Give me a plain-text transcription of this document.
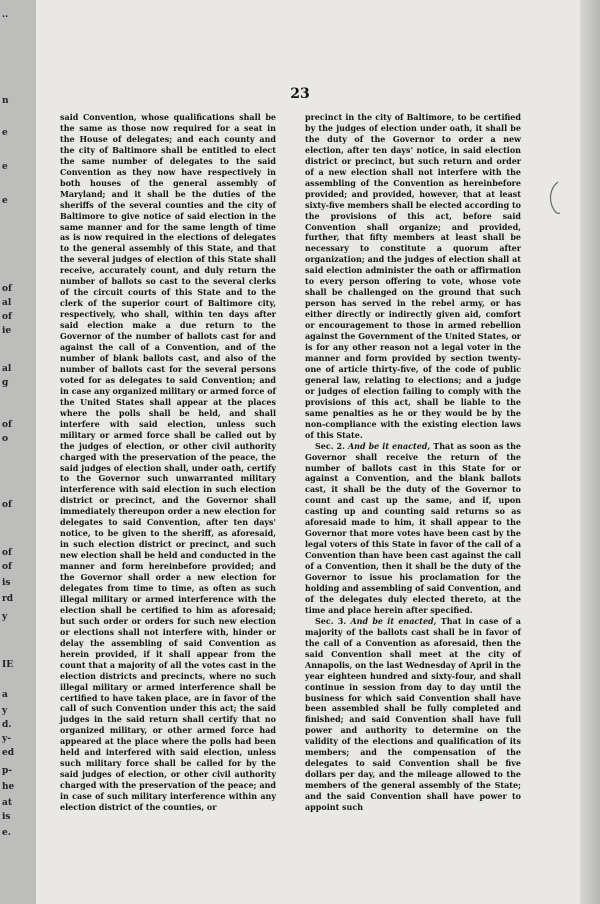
..
n
e
e
e
of
al
of
ie
al
g
of
o
of
of
of
is
rd
y
IE
a
y
d.
y-
ed
p-
he
at
is
e.
23

said Convention, whose qualifications shall be the same as those now required for a seat in the House of delegates; and each county and the city of Baltimore shall be entitled to elect the same number of delegates to the said Convention as they now have respectively in both houses of the general assembly of Maryland; and it shall be the duties of the sheriffs of the several counties and the city of Baltimore to give notice of said election in the same manner and for the same length of time as is now required in the elections of delegates to the general assembly of this State, and that the several judges of election of this State shall receive, accurately count, and duly return the number of ballots so cast to the several clerks of the circuit courts of this State and to the clerk of the superior court of Baltimore city, respectively, who shall, within ten days after said election make a due return to the Governor of the number of ballots cast for and against the call of a Convention, and of the number of blank ballots cast, and also of the number of ballots cast for the several persons voted for as delegates to said Convention; and in case any organized military or armed force of the United States shall appear at the places where the polls shall be held, and shall interfere with said election, unless such military or armed force shall be called out by the judges of election, or other civil authority charged with the preservation of the peace, the said judges of election shall, under oath, certify to the Governor such unwarranted military interference with said election in such election district or precinct, and the Governor shall immediately thereupon order a new election for delegates to said Convention, after ten days' notice, to be given to the sheriff, as aforesaid, in such election district or precinct, and such new election shall be held and conducted in the manner and form hereinbefore provided; and the Governor shall order a new election for delegates from time to time, as often as such illegal military or armed interference with the election shall be certified to him as aforesaid; but such order or orders for such new election or elections shall not interfere with, hinder or delay the assembling of said Convention as herein provided, if it shall appear from the count that a majority of all the votes cast in the election districts and precincts, where no such illegal military or armed interference shall be certified to have taken place, are in favor of the call of such Convention under this act; the said judges in the said return shall certify that no organized military, or other armed force had appeared at the place where the polls had been held and interfered with said election, unless such military force shall be called for by the said judges of election, or other civil authority charged with the preservation of the peace; and in case of such military interference within any election district of the counties, or

precinct in the city of Baltimore, to be certified by the judges of election under oath, it shall be the duty of the Governor to order a new election, after ten days' notice, in said election district or precinct, but such return and order of a new election shall not interfere with the assembling of the Convention as hereinbefore provided; and provided, however, that at least sixty-five members shall be elected according to the provisions of this act, before said Convention shall organize; and provided, further, that fifty members at least shall be necessary to constitute a quorum after organization; and the judges of election shall at said election administer the oath or affirmation to every person offering to vote, whose vote shall be challenged on the ground that such person has served in the rebel army, or has either directly or indirectly given aid, comfort or encouragement to those in armed rebellion against the Government of the United States, or is for any other reason not a legal voter in the manner and form provided by section twenty-one of article thirty-five, of the code of public general law, relating to elections; and a judge or judges of election failing to comply with the provisions of this act, shall be liable to the same penalties as he or they would be by the non-compliance with the existing election laws of this State.

Sec. 2. And be it enacted, That as soon as the Governor shall receive the return of the number of ballots cast in this State for or against a Convention, and the blank ballots cast, it shall be the duty of the Governor to count and cast up the same, and if, upon casting up and counting said returns so as aforesaid made to him, it shall appear to the Governor that more votes have been cast by the legal voters of this State in favor of the call of a Convention than have been cast against the call of a Convention, then it shall be the duty of the Governor to issue his proclamation for the holding and assembling of said Convention, and of the delegates duly elected thereto, at the time and place herein after specified.

Sec. 3. And be it enacted, That in case of a majority of the ballots cast shall be in favor of the call of a Convention as aforesaid, then the said Convention shall meet at the city of Annapolis, on the last Wednesday of April in the year eighteen hundred and sixty-four, and shall continue in session from day to day until the business for which said Convention shall have been assembled shall be fully completed and finished; and said Convention shall have full power and authority to determine on the validity of the elections and qualification of its members; and the compensation of the delegates to said Convention shall be five dollars per day, and the mileage allowed to the members of the general assembly of the State; and the said Convention shall have power to appoint such
